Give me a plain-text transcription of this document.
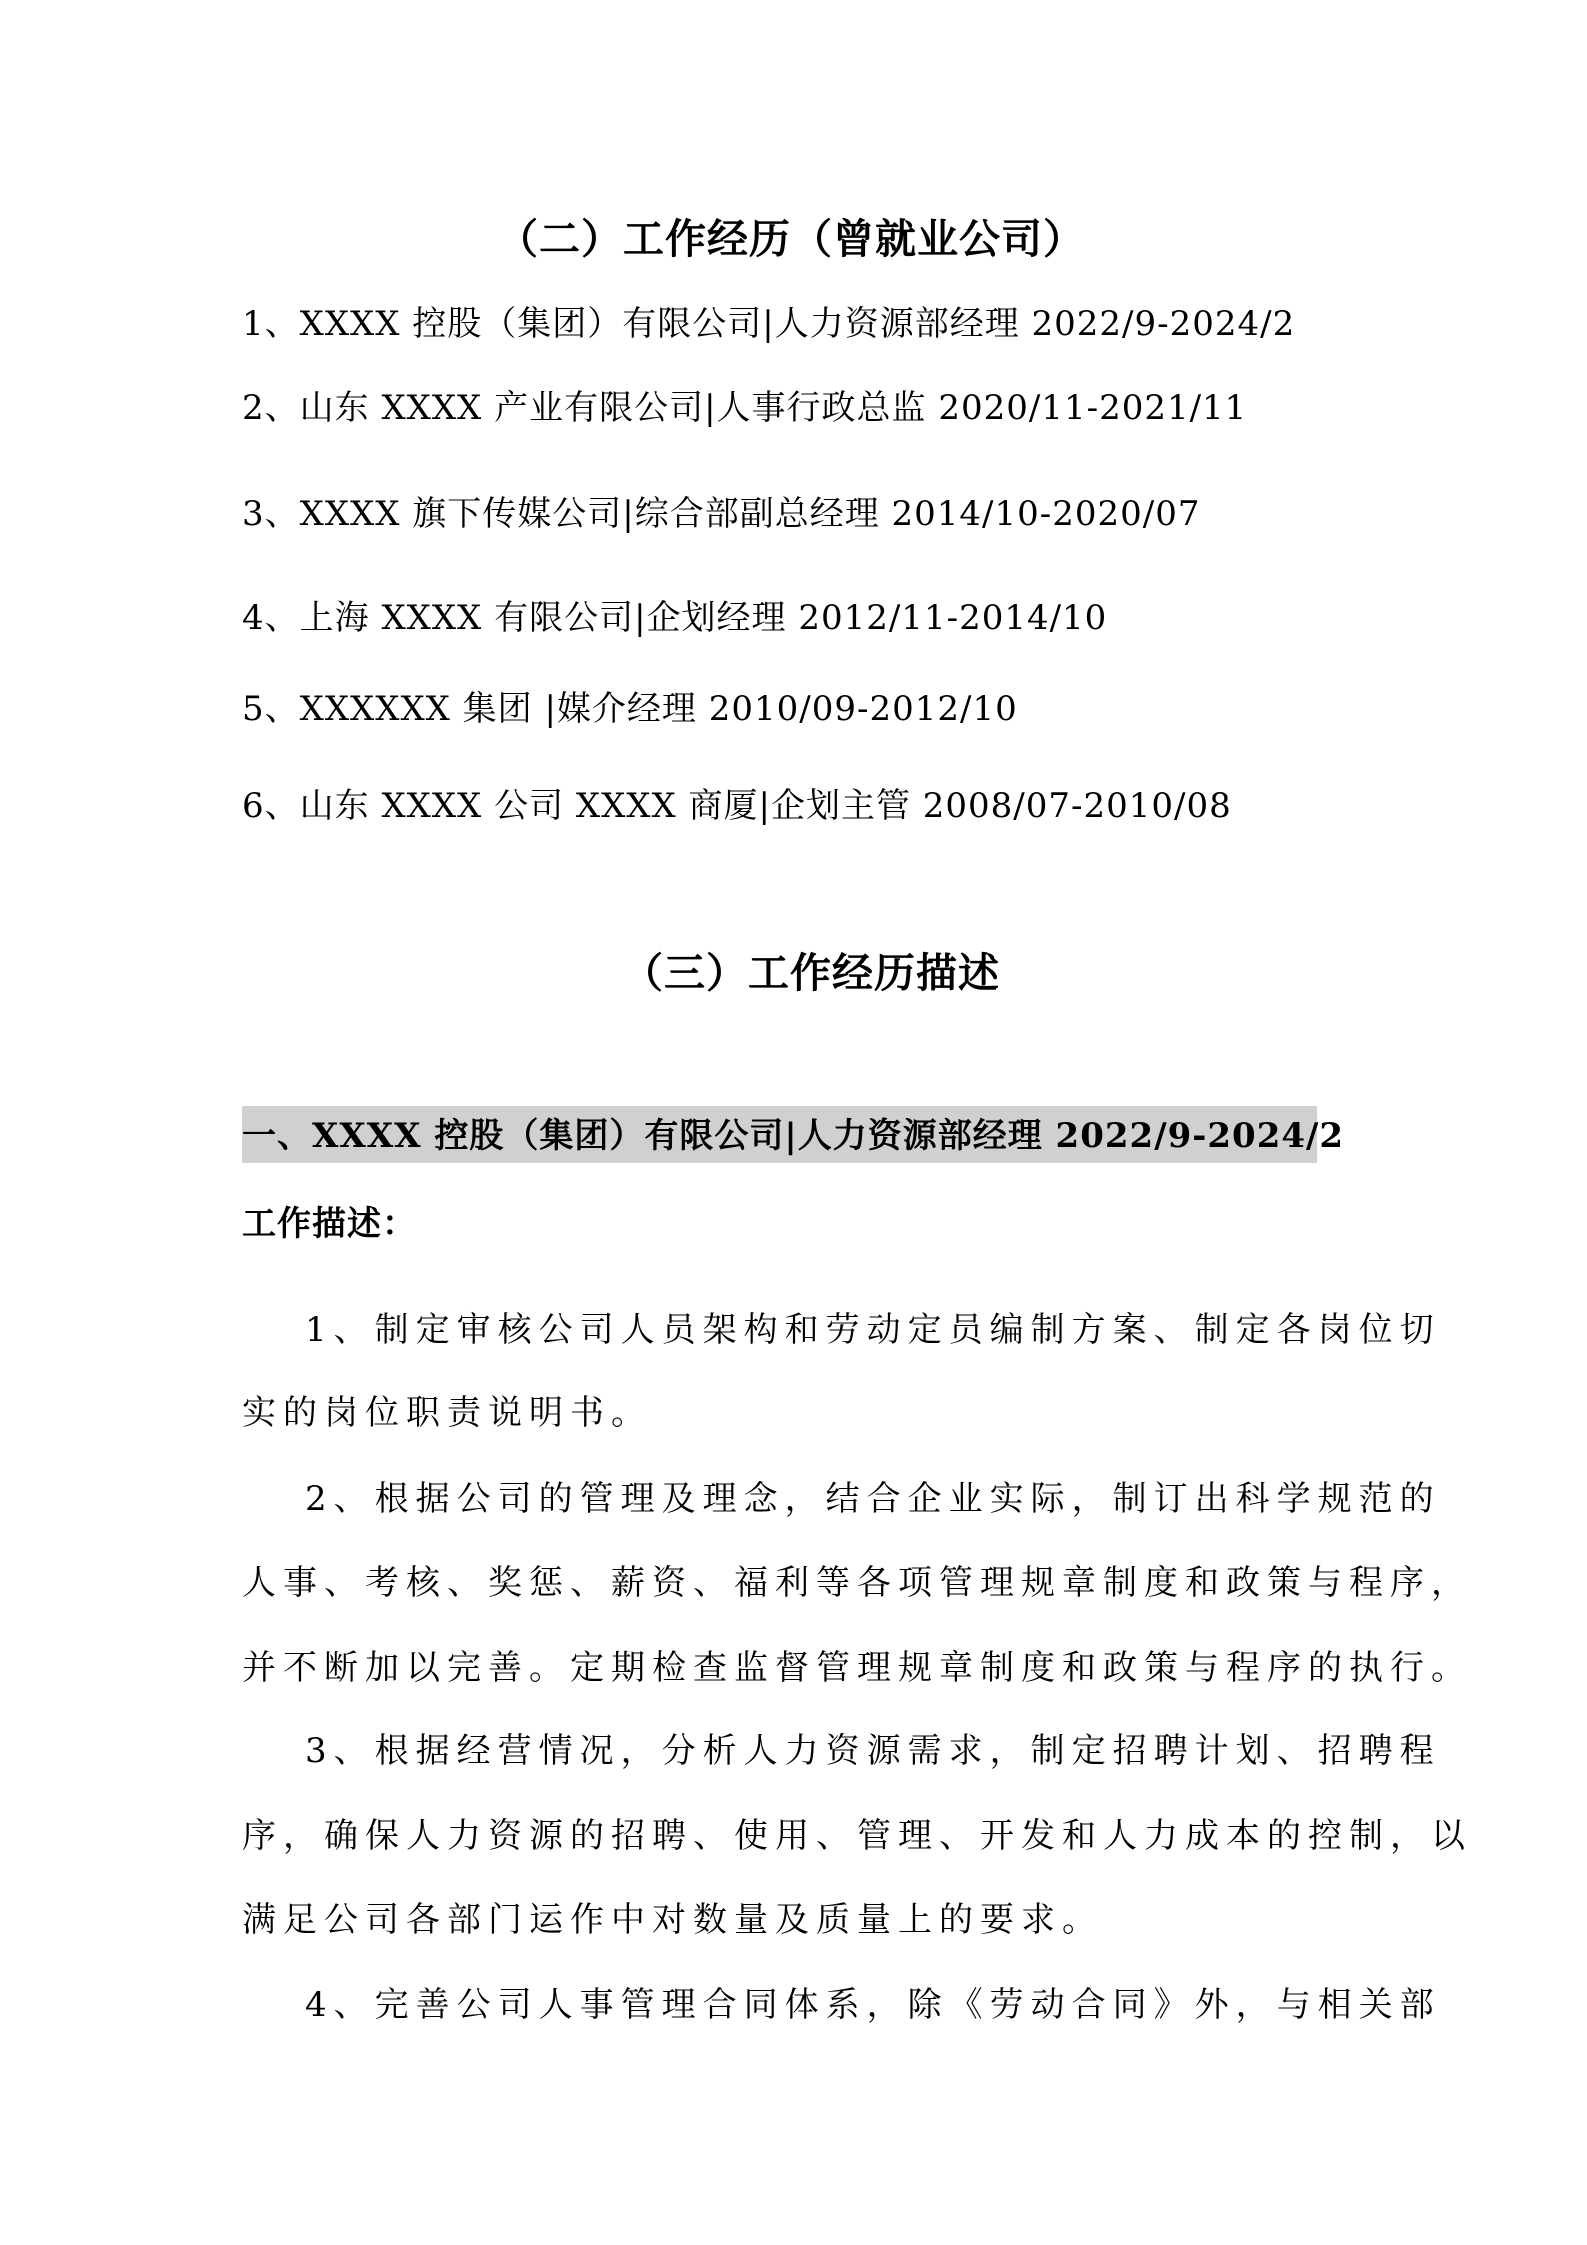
（二）工作经历（曾就业公司）

1、XXXX 控股（集团）有限公司|人力资源部经理 2022/9-2024/2

2、山东 XXXX 产业有限公司|人事行政总监 2020/11-2021/11

3、XXXX 旗下传媒公司|综合部副总经理 2014/10-2020/07

4、上海 XXXX 有限公司|企划经理 2012/11-2014/10

5、XXXXXX 集团 |媒介经理 2010/09-2012/10

6、山东 XXXX 公司 XXXX 商厦|企划主管 2008/07-2010/08

（三）工作经历描述

一、XXXX 控股（集团）有限公司|人力资源部经理 2022/9-2024/2

工作描述：

1、制定审核公司人员架构和劳动定员编制方案、制定各岗位切

实的岗位职责说明书。

2、根据公司的管理及理念，结合企业实际，制订出科学规范的

人事、考核、奖惩、薪资、福利等各项管理规章制度和政策与程序，

并不断加以完善。定期检查监督管理规章制度和政策与程序的执行。

3、根据经营情况，分析人力资源需求，制定招聘计划、招聘程

序，确保人力资源的招聘、使用、管理、开发和人力成本的控制，以

满足公司各部门运作中对数量及质量上的要求。

4、完善公司人事管理合同体系，除《劳动合同》外，与相关部
